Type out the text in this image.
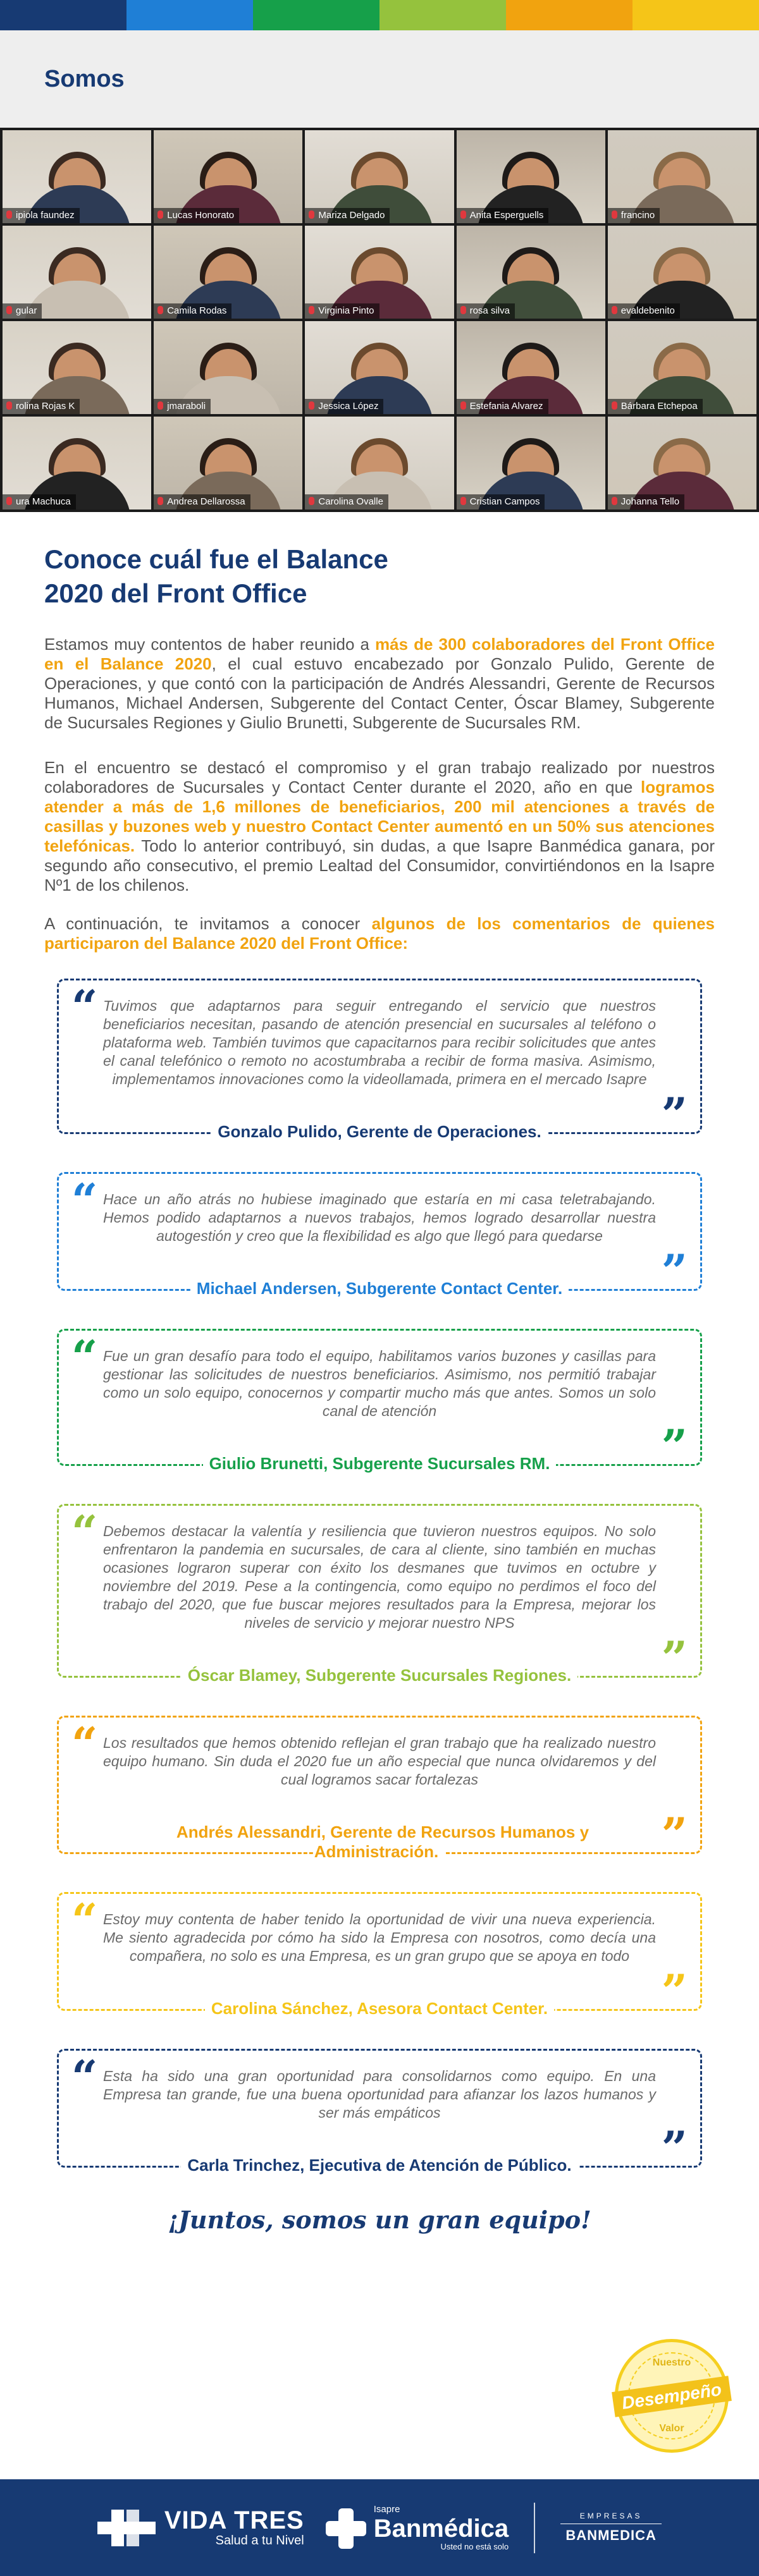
Somos
ipiola faundez	Lucas Honorato	Mariza Delgado	Anita Esperguells	francino
gular	Camila Rodas	Virginia Pinto	rosa silva	evaldebenito
rolina Rojas K	jmaraboli	Jessica López	Estefania Alvarez	Bárbara Etchepoa
ura Machuca	Andrea Dellarossa	Carolina Ovalle	Cristian Campos	Johanna Tello
Conoce cuál fue el Balance 2020 del Front Office

Estamos muy contentos de haber reunido a más de 300 colaboradores del Front Office en el Balance 2020, el cual estuvo encabezado por Gonzalo Pulido, Gerente de Operaciones, y que contó con la participación de Andrés Alessandri, Gerente de Recursos Humanos, Michael Andersen, Subgerente del Contact Center, Óscar Blamey, Subgerente de Sucursales Regiones y Giulio Brunetti, Subgerente de Sucursales RM.

En el encuentro se destacó el compromiso y el gran trabajo realizado por nuestros colaboradores de Sucursales y Contact Center durante el 2020, año en que logramos atender a más de 1,6 millones de beneficiarios, 200 mil atenciones a través de casillas y buzones web y nuestro Contact Center aumentó en un 50% sus atenciones telefónicas. Todo lo anterior contribuyó, sin dudas, a que Isapre Banmédica ganara, por segundo año consecutivo, el premio Lealtad del Consumidor, convirtiéndonos en la Isapre Nº1 de los chilenos.

A continuación, te invitamos a conocer algunos de los comentarios de quienes participaron del Balance 2020 del Front Office:

“ Tuvimos que adaptarnos para seguir entregando el servicio que nuestros beneficiarios necesitan, pasando de atención presencial en sucursales al teléfono o plataforma web. También tuvimos que capacitarnos para recibir solicitudes que antes el canal telefónico o remoto no acostumbraba a recibir de forma masiva. Asimismo, implementamos innovaciones como la videollamada, primera en el mercado Isapre
Gonzalo Pulido, Gerente de Operaciones.	”
“ Hace un año atrás no hubiese imaginado que estaría en mi casa teletrabajando. Hemos podido adaptarnos a nuevos trabajos, hemos logrado desarrollar nuestra autogestión y creo que la flexibilidad es algo que llegó para quedarse
Michael Andersen, Subgerente Contact Center.	”
“ Fue un gran desafío para todo el equipo, habilitamos varios buzones y casillas para gestionar las solicitudes de nuestros beneficiarios. Asimismo, nos permitió trabajar como un solo equipo, conocernos y compartir mucho más que antes. Somos un solo canal de atención
Giulio Brunetti, Subgerente Sucursales RM.	”
“ Debemos destacar la valentía y resiliencia que tuvieron nuestros equipos. No solo enfrentaron la pandemia en sucursales, de cara al cliente, sino también en muchas ocasiones lograron superar con éxito los desmanes que tuvimos en octubre y noviembre del 2019. Pese a la contingencia, como equipo no perdimos el foco del trabajo del 2020, que fue buscar mejores resultados para la Empresa, mejorar los niveles de servicio y mejorar nuestro NPS
Óscar Blamey, Subgerente Sucursales Regiones.	”
“ Los resultados que hemos obtenido reflejan el gran trabajo que ha realizado nuestro equipo humano. Sin duda el 2020 fue un año especial que nunca olvidaremos y del cual logramos sacar fortalezas
Andrés Alessandri, Gerente de Recursos Humanos y Administración.	”
“ Estoy muy contenta de haber tenido la oportunidad de vivir una nueva experiencia. Me siento agradecida por cómo ha sido la Empresa con nosotros, como decía una compañera, no solo es una Empresa, es un gran grupo que se apoya en todo
Carolina Sánchez, Asesora Contact Center.	”
“ Esta ha sido una gran oportunidad para consolidarnos como equipo. En una Empresa tan grande, fue una buena oportunidad para afianzar los lazos humanos y ser más empáticos
Carla Trinchez, Ejecutiva de Atención de Público.	”
¡Juntos, somos un gran equipo!
Nuestro
Desempeño
Valor
VIDA TRES
Salud a tu Nivel
Isapre
Banmédica
Usted no está solo
EMPRESAS
BANMEDICA
